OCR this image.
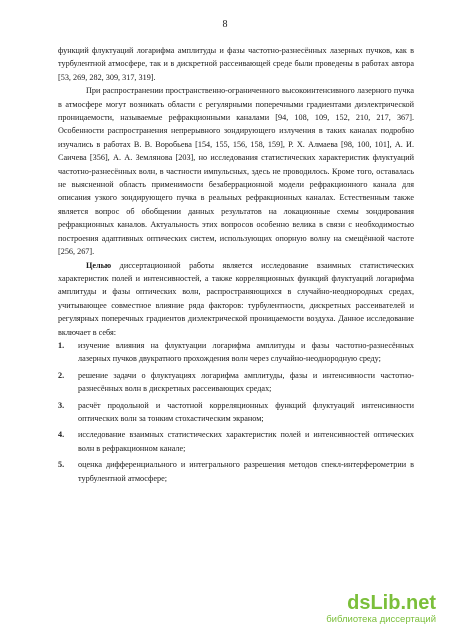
8

функций флуктуаций логарифма амплитуды и фазы частотно-разнесённых лазерных пучков, как в турбулентной атмосфере, так и в дискретной рассеивающей среде были проведены в работах автора [53, 269, 282, 309, 317, 319].

При распространении пространственно-ограниченного высокоинтенсивного лазерного пучка в атмосфере могут возникать области с регулярными поперечными градиентами диэлектрической проницаемости, называемые рефракционными каналами [94, 108, 109, 152, 210, 217, 367]. Особенности распространения непрерывного зондирующего излучения в таких каналах подробно изучались в работах В. В. Воробьева [154, 155, 156, 158, 159], Р. Х. Алмаева [98, 100, 101], А. И. Саичева [356], А. А. Землянова [203], но исследования статистических характеристик флуктуаций частотно-разнесённых волн, в частности импульсных, здесь не проводилось. Кроме того, оставалась не выясненной область применимости безаберрационной модели рефракционного канала для описания узкого зондирующего пучка в реальных рефракционных каналах. Естественным также является вопрос об обобщении данных результатов на локационные схемы зондирования рефракционных каналов. Актуальность этих вопросов особенно велика в связи с необходимостью построения адаптивных оптических систем, использующих опорную волну на смещённой частоте [256, 267].

Целью диссертационной работы является исследование взаимных статистических характеристик полей и интенсивностей, а также корреляционных функций флуктуаций логарифма амплитуды и фазы оптических волн, распространяющихся в случайно-неоднородных средах, учитывающее совместное влияние ряда факторов: турбулентности, дискретных рассеивателей и регулярных поперечных градиентов диэлектрической проницаемости воздуха. Данное исследование включает в себя:

1. изучение влияния на флуктуации логарифма амплитуды и фазы частотно-разнесённых лазерных пучков двукратного прохождения волн через случайно-неоднородную среду;
2. решение задачи о флуктуациях логарифма амплитуды, фазы и интенсивности частотно-разнесённых волн в дискретных рассеивающих средах;
3. расчёт продольной и частотной корреляционных функций флуктуаций интенсивности оптических волн за тонким стохастическим экраном;
4. исследование взаимных статистических характеристик полей и интенсивностей оптических волн в рефракционном канале;
5. оценка дифференциального и интегрального разрешения методов спекл-интерферометрии в турбулентной атмосфере;
dsLib.net
библиотека диссертаций
